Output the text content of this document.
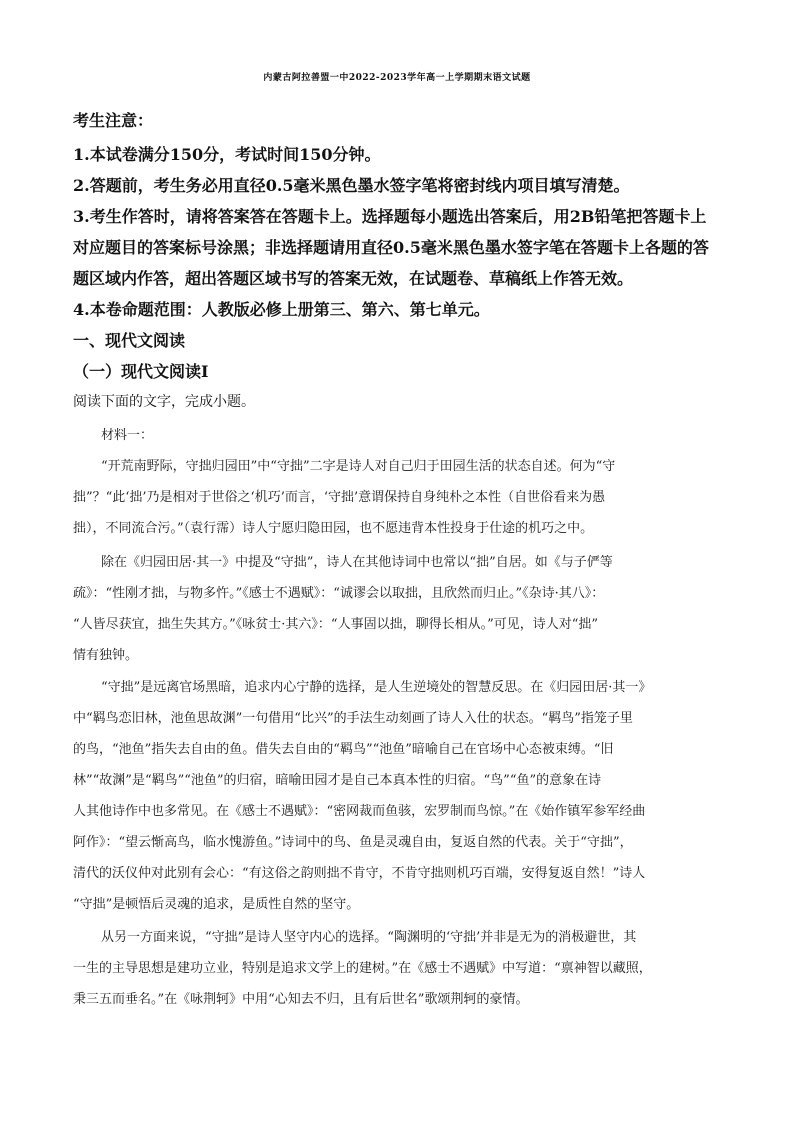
内蒙古阿拉善盟一中2022-2023学年高一上学期期末语文试题
考生注意：
1.本试卷满分150分，考试时间150分钟。
2.答题前，考生务必用直径0.5毫米黑色墨水签字笔将密封线内项目填写清楚。
3.考生作答时，请将答案答在答题卡上。选择题每小题选出答案后，用2B铅笔把答题卡上
对应题目的答案标号涂黑；非选择题请用直径0.5毫米黑色墨水签字笔在答题卡上各题的答
题区域内作答，超出答题区域书写的答案无效，在试题卷、草稿纸上作答无效。
4.本卷命题范围：人教版必修上册第三、第六、第七单元。
一、现代文阅读
（一）现代文阅读Ⅰ
阅读下面的文字，完成小题。
材料一：
“开荒南野际，守拙归园田”中“守拙”二字是诗人对自己归于田园生活的状态自述。何为“守
拙”？“此‘拙’乃是相对于世俗之‘机巧’而言，‘守拙’意谓保持自身纯朴之本性（自世俗看来为愚
拙），不同流合污。”（袁行霈）诗人宁愿归隐田园，也不愿违背本性投身于仕途的机巧之中。
除在《归园田居·其一》中提及“守拙”，诗人在其他诗词中也常以“拙”自居。如《与子俨等
疏》：“性刚才拙，与物多忤。”《感士不遇赋》：“诚谬会以取拙，且欣然而归止。”《杂诗·其八》：
“人皆尽获宜，拙生失其方。”《咏贫士·其六》：“人事固以拙，聊得长相从。”可见，诗人对“拙”
情有独钟。
“守拙”是远离官场黑暗，追求内心宁静的选择，是人生逆境处的智慧反思。在《归园田居·其一》
中“羁鸟恋旧林，池鱼思故渊”一句借用“比兴”的手法生动刻画了诗人入仕的状态。“羁鸟”指笼子里
的鸟，“池鱼”指失去自由的鱼。借失去自由的“羁鸟”“池鱼”暗喻自己在官场中心态被束缚。“旧
林”“故渊”是“羁鸟”“池鱼”的归宿，暗喻田园才是自己本真本性的归宿。“鸟”“鱼”的意象在诗
人其他诗作中也多常见。在《感士不遇赋》：“密网裁而鱼骇，宏罗制而鸟惊。”在《始作镇军参军经曲
阿作》：“望云惭高鸟，临水愧游鱼。”诗词中的鸟、鱼是灵魂自由，复返自然的代表。关于“守拙”，
清代的沃仪仲对此别有会心：“有这俗之韵则拙不肯守，不肯守拙则机巧百端，安得复返自然！”诗人
“守拙”是顿悟后灵魂的追求，是质性自然的坚守。
从另一方面来说，“守拙”是诗人坚守内心的选择。“陶渊明的‘守拙’并非是无为的消极避世，其
一生的主导思想是建功立业，特别是追求文学上的建树。”在《感士不遇赋》中写道：“禀神智以藏照，
秉三五而垂名。”在《咏荆轲》中用“心知去不归，且有后世名”歌颂荆轲的豪情。
